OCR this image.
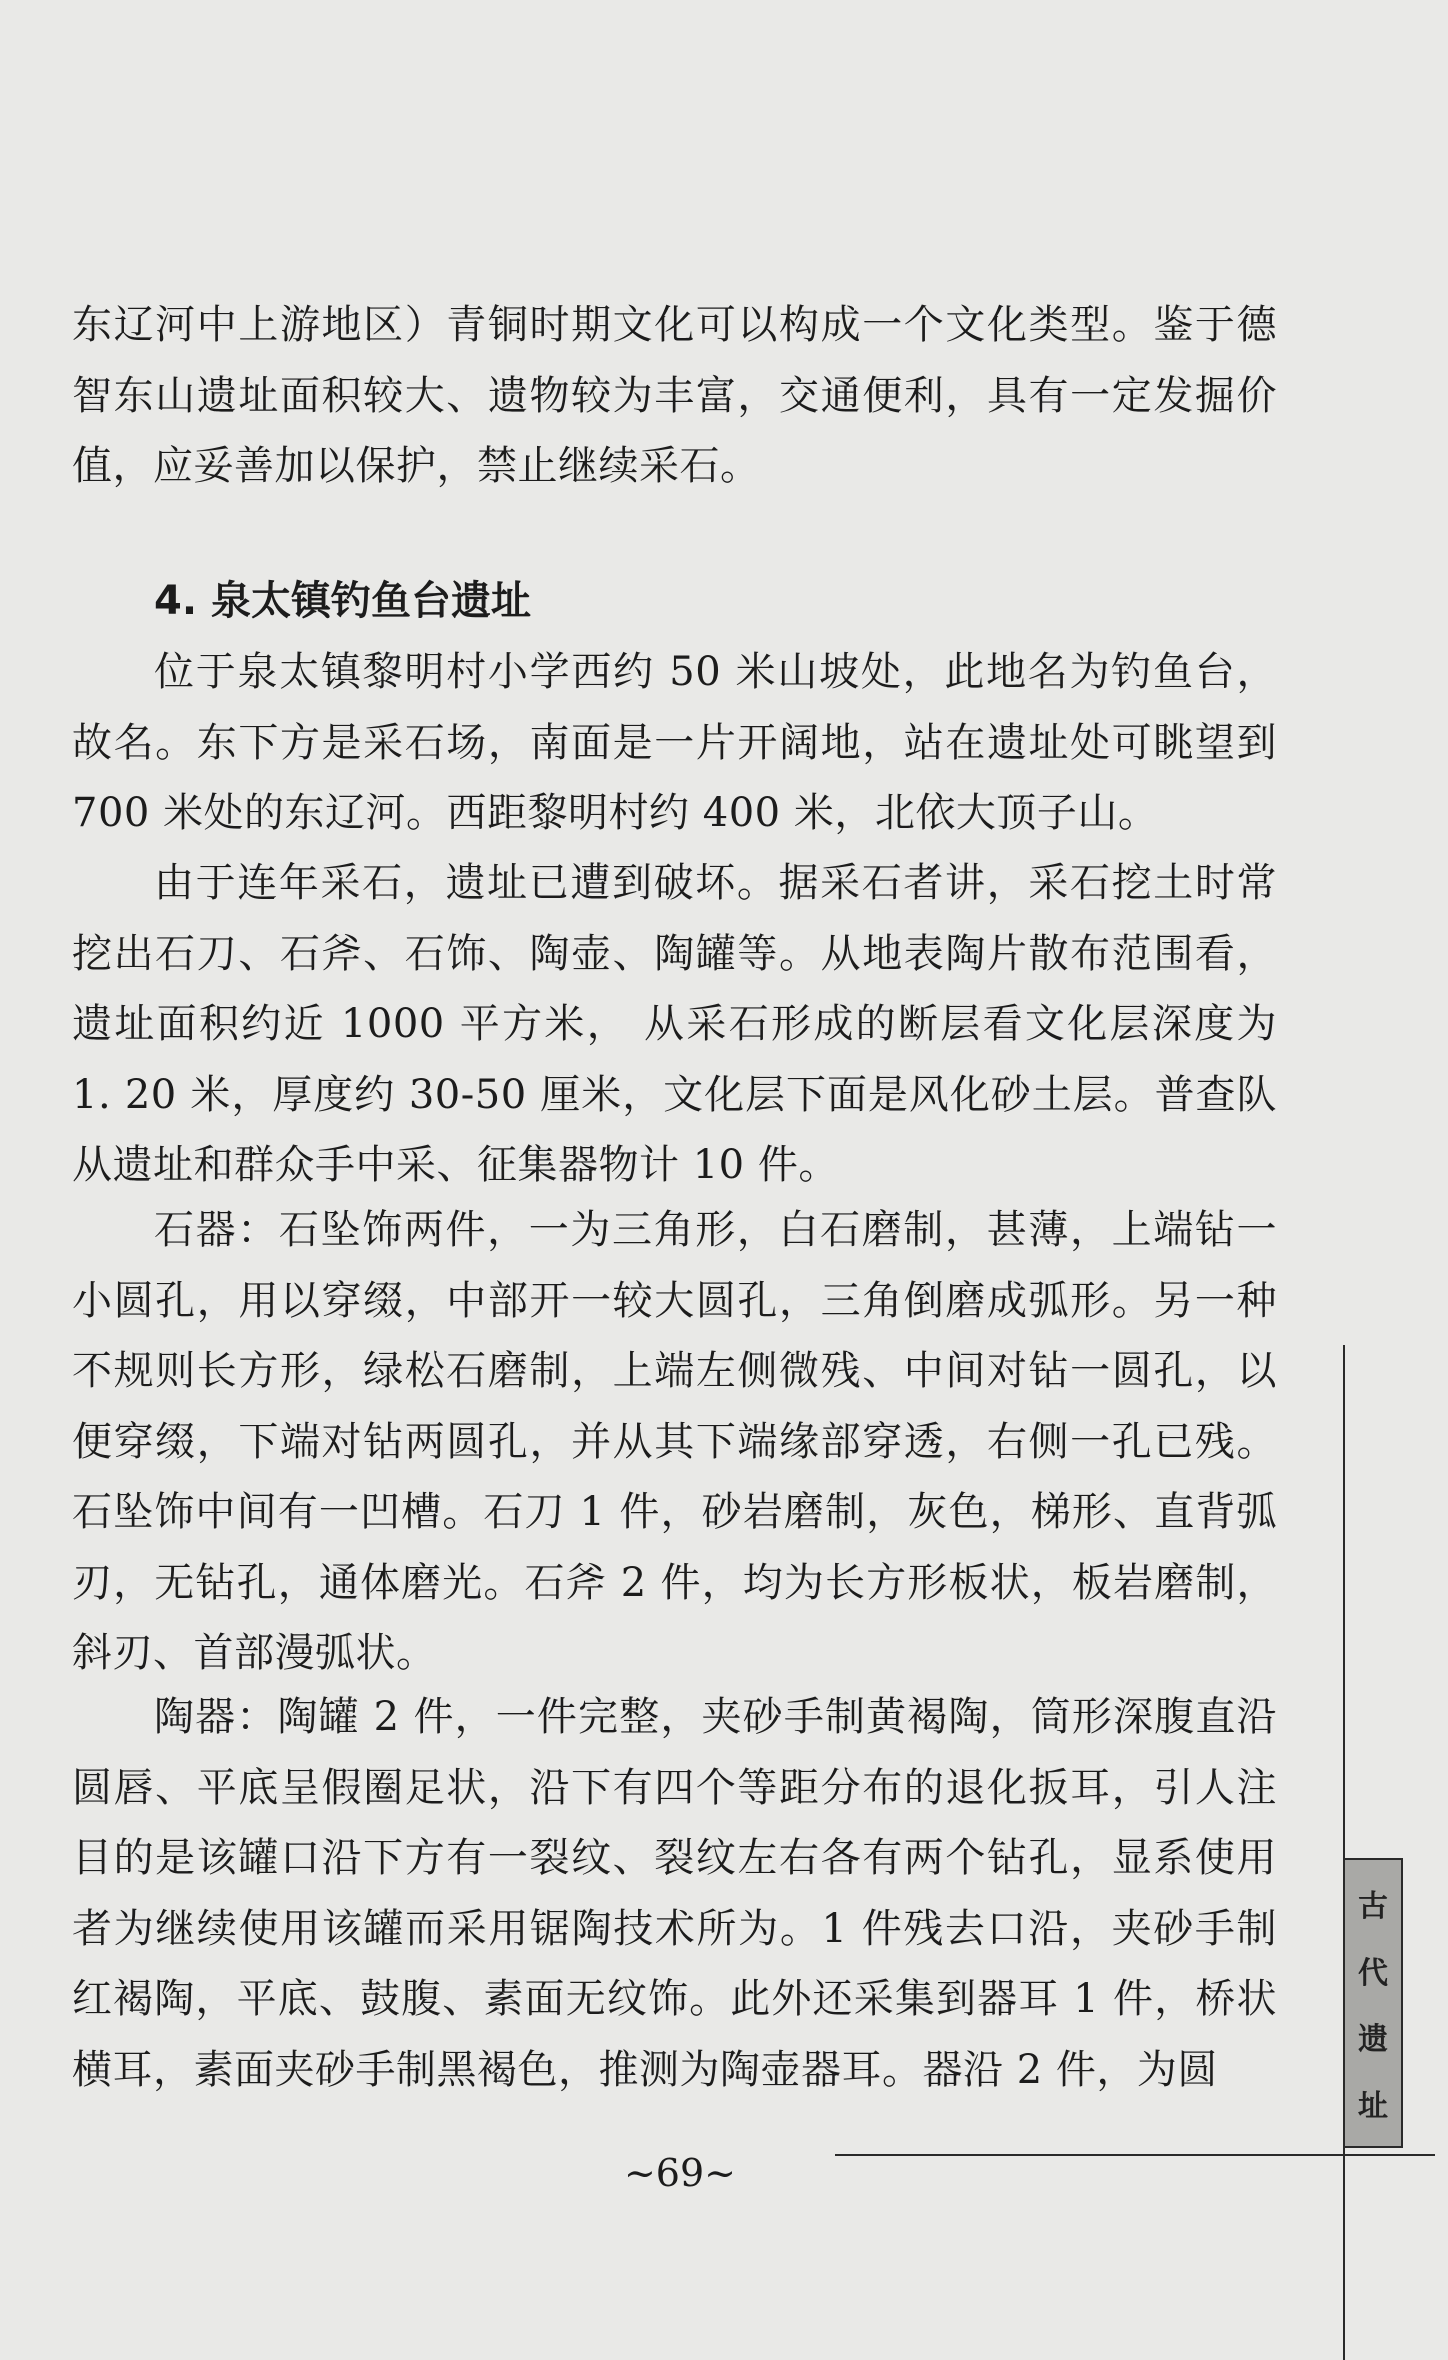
东辽河中上游地区）青铜时期文化可以构成一个文化类型。鉴于德智东山遗址面积较大、遗物较为丰富，交通便利，具有一定发掘价值，应妥善加以保护，禁止继续采石。

4. 泉太镇钓鱼台遗址

位于泉太镇黎明村小学西约 50 米山坡处，此地名为钓鱼台，故名。东下方是采石场，南面是一片开阔地，站在遗址处可眺望到 700 米处的东辽河。西距黎明村约 400 米，北依大顶子山。

由于连年采石，遗址已遭到破坏。据采石者讲，采石挖土时常挖出石刀、石斧、石饰、陶壶、陶罐等。从地表陶片散布范围看，遗址面积约近 1000 平方米， 从采石形成的断层看文化层深度为 1. 20 米，厚度约 30-50 厘米，文化层下面是风化砂土层。普查队从遗址和群众手中采、征集器物计 10 件。

石器：石坠饰两件，一为三角形，白石磨制，甚薄，上端钻一小圆孔，用以穿缀，中部开一较大圆孔，三角倒磨成弧形。另一种不规则长方形，绿松石磨制，上端左侧微残、中间对钻一圆孔，以便穿缀，下端对钻两圆孔，并从其下端缘部穿透，右侧一孔已残。石坠饰中间有一凹槽。石刀 1 件，砂岩磨制，灰色，梯形、直背弧刃，无钻孔，通体磨光。石斧 2 件，均为长方形板状，板岩磨制，斜刃、首部漫弧状。

陶器：陶罐 2 件，一件完整，夹砂手制黄褐陶，筒形深腹直沿圆唇、平底呈假圈足状，沿下有四个等距分布的退化扳耳，引人注目的是该罐口沿下方有一裂纹、裂纹左右各有两个钻孔，显系使用者为继续使用该罐而采用锯陶技术所为。1 件残去口沿，夹砂手制红褐陶，平底、鼓腹、素面无纹饰。此外还采集到器耳 1 件，桥状横耳，素面夹砂手制黑褐色，推测为陶壶器耳。器沿 2 件，为圆

古
代
遗
址
~69~
